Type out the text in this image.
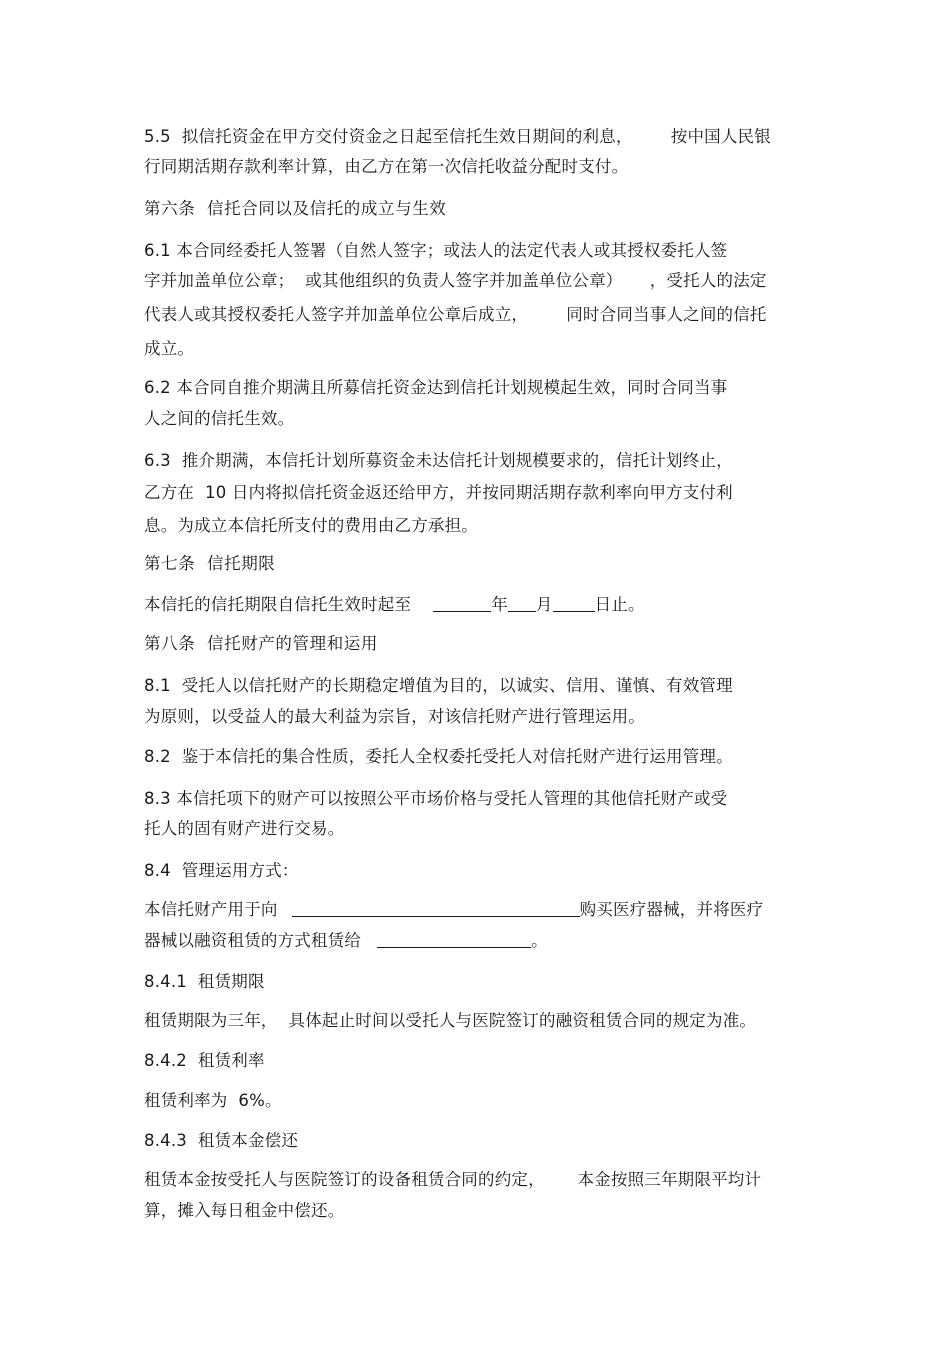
5.5  拟信托资金在甲方交付资金之日起至信托生效日期间的利息，       按中国人民银
行同期活期存款利率计算，由乙方在第一次信托收益分配时支付。
第六条  信托合同以及信托的成立与生效
6.1 本合同经委托人签署（自然人签字；或法人的法定代表人或其授权委托人签
字并加盖单位公章；  或其他组织的负责人签字并加盖单位公章）     ，受托人的法定
代表人或其授权委托人签字并加盖单位公章后成立，       同时合同当事人之间的信托
成立。
6.2 本合同自推介期满且所募信托资金达到信托计划规模起生效，同时合同当事
人之间的信托生效。
6.3  推介期满，本信托计划所募资金未达信托计划规模要求的，信托计划终止，
乙方在  10 日内将拟信托资金返还给甲方，并按同期活期存款利率向甲方支付利
息。为成立本信托所支付的费用由乙方承担。
第七条  信托期限
本信托的信托期限自信托生效时起至	年 月	日止。
第八条  信托财产的管理和运用
8.1  受托人以信托财产的长期稳定增值为目的，以诚实、信用、谨慎、有效管理
为原则，以受益人的最大利益为宗旨，对该信托财产进行管理运用。
8.2  鉴于本信托的集合性质，委托人全权委托受托人对信托财产进行运用管理。
8.3 本信托项下的财产可以按照公平市场价格与受托人管理的其他信托财产或受
托人的固有财产进行交易。
8.4  管理运用方式：
本信托财产用于向	购买医疗器械，并将医疗
器械以融资租赁的方式租赁给	。
8.4.1  租赁期限
租赁期限为三年，  具体起止时间以受托人与医院签订的融资租赁合同的规定为准。
8.4.2  租赁利率
租赁利率为  6%。
8.4.3  租赁本金偿还
租赁本金按受托人与医院签订的设备租赁合同的约定，      本金按照三年期限平均计
算，摊入每日租金中偿还。
